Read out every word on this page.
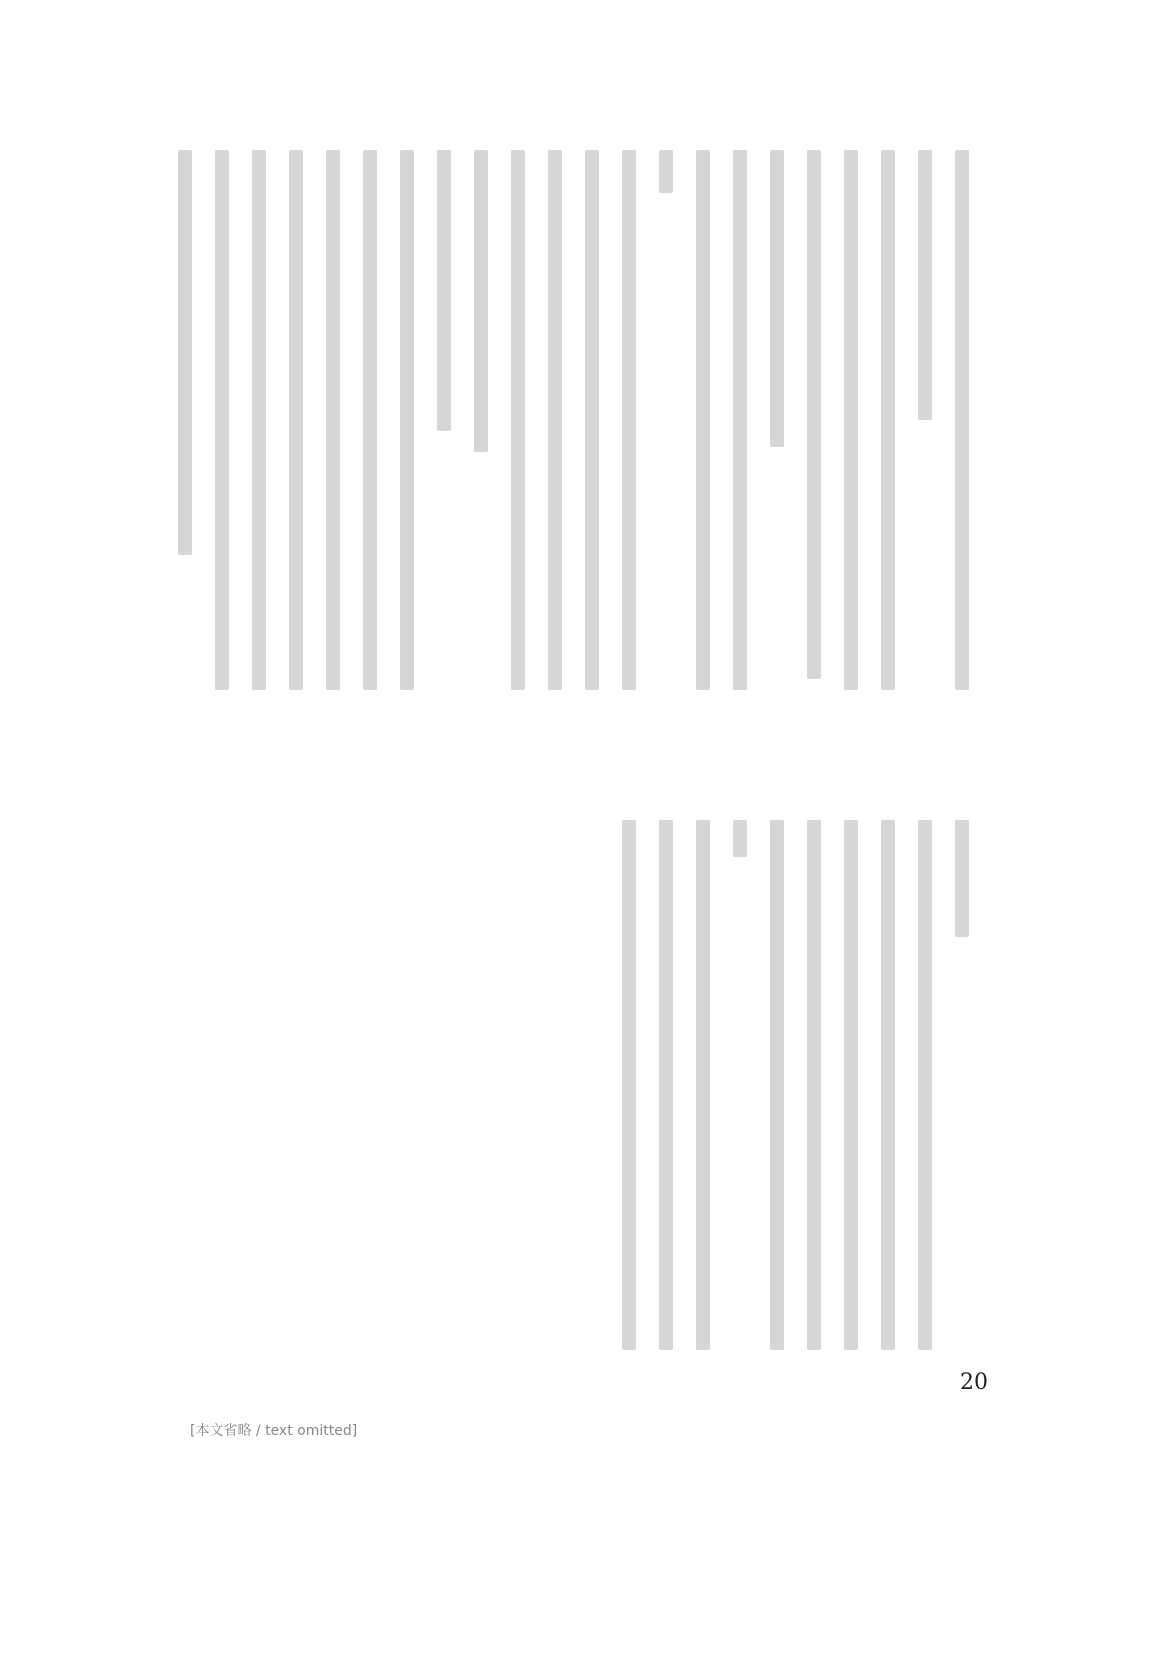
20
[本文省略 / text omitted]
